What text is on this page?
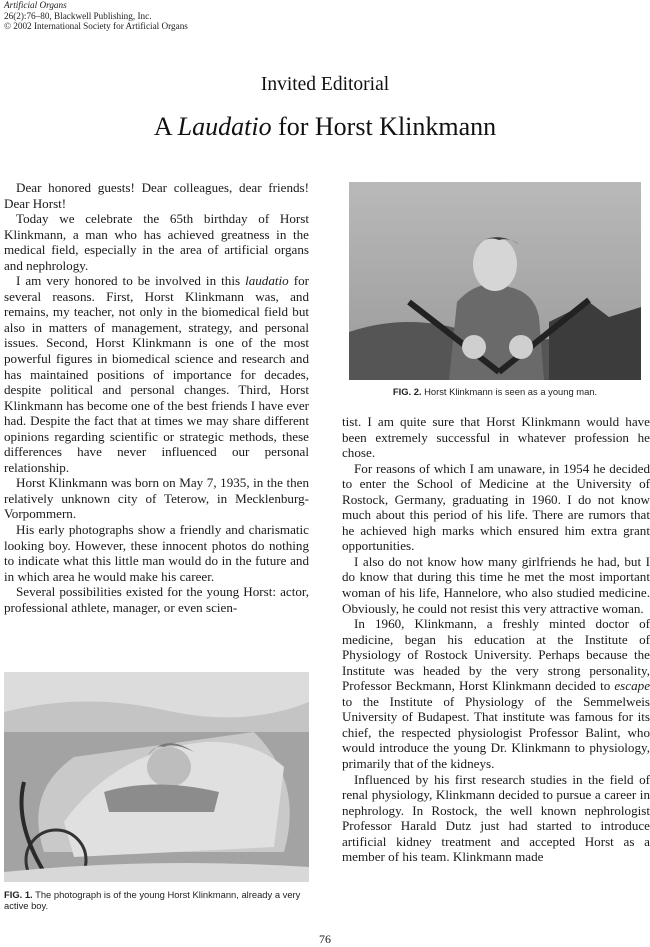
Artificial Organs
26(2):76–80, Blackwell Publishing, Inc.
© 2002 International Society for Artificial Organs
Invited Editorial
A Laudatio for Horst Klinkmann

Dear honored guests! Dear colleagues, dear friends! Dear Horst!

Today we celebrate the 65th birthday of Horst Klinkmann, a man who has achieved greatness in the medical field, especially in the area of artificial organs and nephrology.

I am very honored to be involved in this laudatio for several reasons. First, Horst Klinkmann was, and remains, my teacher, not only in the biomedical field but also in matters of management, strategy, and personal issues. Second, Horst Klinkmann is one of the most powerful figures in biomedical science and research and has maintained positions of importance for decades, despite political and personal changes. Third, Horst Klinkmann has become one of the best friends I have ever had. Despite the fact that at times we may share different opinions regarding scientific or strategic methods, these differences have never influenced our personal relationship.

Horst Klinkmann was born on May 7, 1935, in the then relatively unknown city of Teterow, in Mecklenburg-Vorpommern.

His early photographs show a friendly and charismatic looking boy. However, these innocent photos do nothing to indicate what this little man would do in the future and in which area he would make his career.

Several possibilities existed for the young Horst: actor, professional athlete, manager, or even scien-

FIG. 2. Horst Klinkmann is seen as a young man.

tist. I am quite sure that Horst Klinkmann would have been extremely successful in whatever profession he chose.

For reasons of which I am unaware, in 1954 he decided to enter the School of Medicine at the University of Rostock, Germany, graduating in 1960. I do not know much about this period of his life. There are rumors that he achieved high marks which ensured him extra grant opportunities.

I also do not know how many girlfriends he had, but I do know that during this time he met the most important woman of his life, Hannelore, who also studied medicine. Obviously, he could not resist this very attractive woman.

In 1960, Klinkmann, a freshly minted doctor of medicine, began his education at the Institute of Physiology of Rostock University. Perhaps because the Institute was headed by the very strong personality, Professor Beckmann, Horst Klinkmann decided to escape to the Institute of Physiology of the Semmelweis University of Budapest. That institute was famous for its chief, the respected physiologist Professor Balint, who would introduce the young Dr. Klinkmann to physiology, primarily that of the kidneys.

Influenced by his first research studies in the field of renal physiology, Klinkmann decided to pursue a career in nephrology. In Rostock, the well known nephrologist Professor Harald Dutz just had started to introduce artificial kidney treatment and accepted Horst as a member of his team. Klinkmann made

FIG. 1. The photograph is of the young Horst Klinkmann, already a very active boy.
76
